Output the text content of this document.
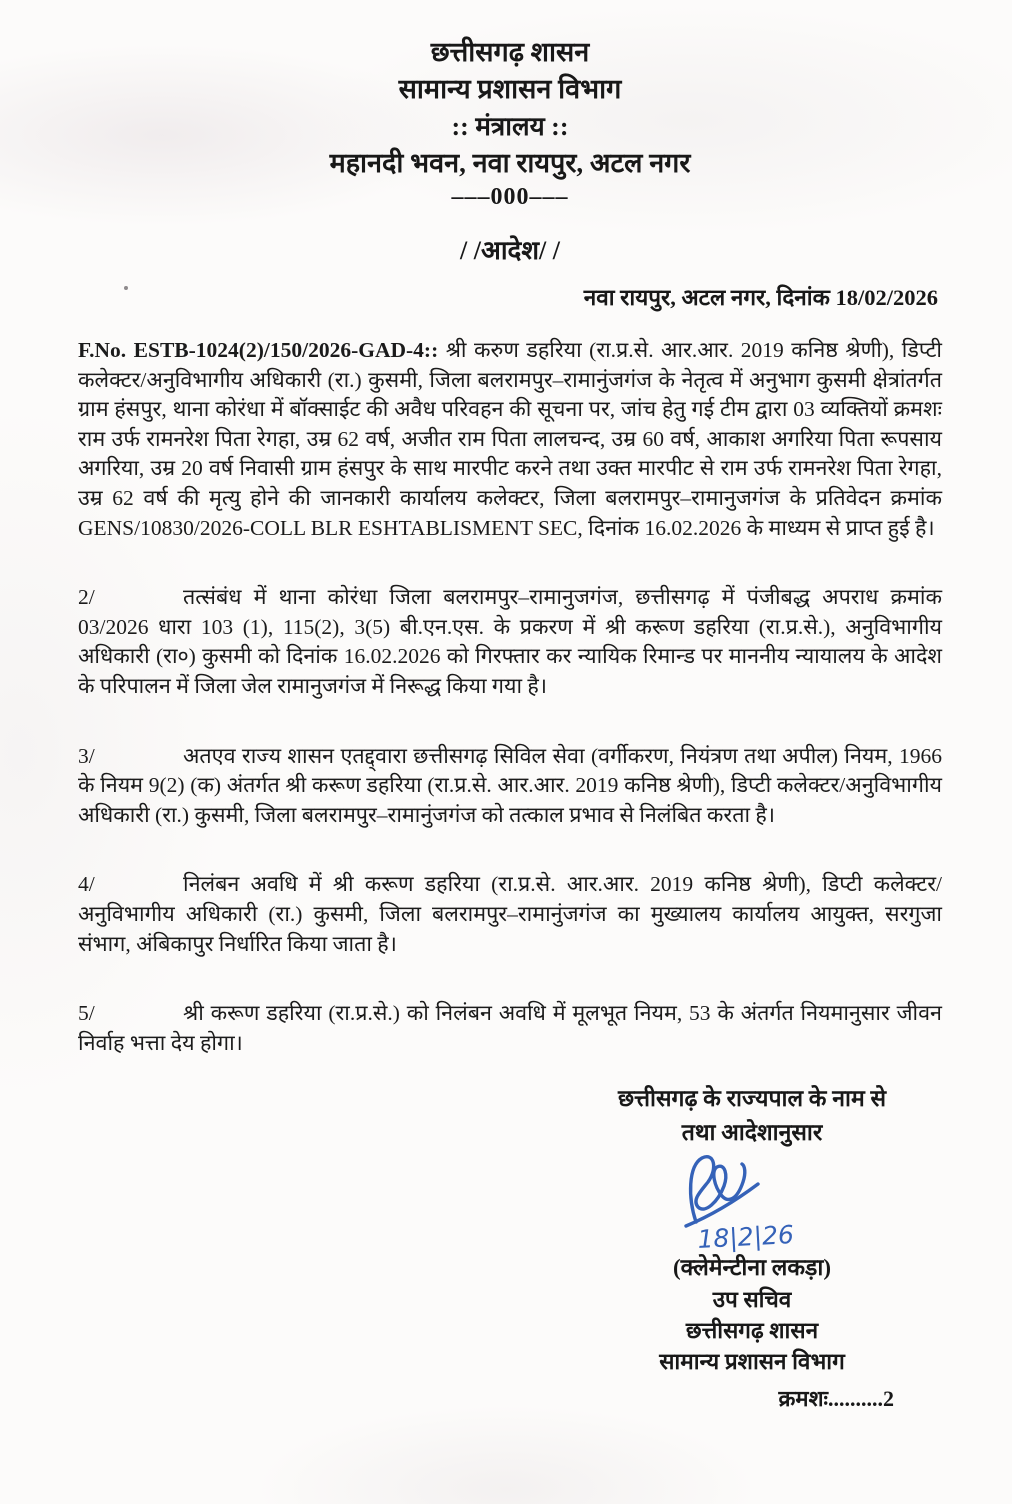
छत्तीसगढ़ शासन
सामान्य प्रशासन विभाग
:: मंत्रालय ::
महानदी भवन, नवा रायपुर, अटल नगर
–––000–––
/ /आदेश/ /
नवा रायपुर, अटल नगर, दिनांक 18/02/2026
F.No. ESTB-1024(2)/150/2026-GAD-4:: श्री करुण डहरिया (रा.प्र.से. आर.आर. 2019 कनिष्ठ श्रेणी), डिप्टी कलेक्टर/अनुविभागीय अधिकारी (रा.) कुसमी, जिला बलरामपुर–रामानुंजगंज के नेतृत्व में अनुभाग कुसमी क्षेत्रांतर्गत ग्राम हंसपुर, थाना कोरंधा में बॉक्साईट की अवैध परिवहन की सूचना पर, जांच हेतु गई टीम द्वारा 03 व्यक्तियों क्रमशः राम उर्फ रामनरेश पिता रेगहा, उम्र 62 वर्ष, अजीत राम पिता लालचन्द, उम्र 60 वर्ष, आकाश अगरिया पिता रूपसाय अगरिया, उम्र 20 वर्ष निवासी ग्राम हंसपुर के साथ मारपीट करने तथा उक्त मारपीट से राम उर्फ रामनरेश पिता रेगहा, उम्र 62 वर्ष की मृत्यु होने की जानकारी कार्यालय कलेक्टर, जिला बलरामपुर–रामानुजगंज के प्रतिवेदन क्रमांक GENS/10830/2026-COLL BLR ESHTABLISMENT SEC, दिनांक 16.02.2026 के माध्यम से प्राप्त हुई है।
2/	तत्संबंध में थाना कोरंधा जिला बलरामपुर–रामानुजगंज, छत्तीसगढ़ में पंजीबद्ध अपराध क्रमांक 03/2026 धारा 103 (1), 115(2), 3(5) बी.एन.एस. के प्रकरण में श्री करूण डहरिया (रा.प्र.से.), अनुविभागीय अधिकारी (रा०) कुसमी को दिनांक 16.02.2026 को गिरफ्तार कर न्यायिक रिमान्ड पर माननीय न्यायालय के आदेश के परिपालन में जिला जेल रामानुजगंज में निरूद्ध किया गया है।
3/	अतएव राज्य शासन एतद्द्वारा छत्तीसगढ़ सिविल सेवा (वर्गीकरण, नियंत्रण तथा अपील) नियम, 1966 के नियम 9(2) (क) अंतर्गत श्री करूण डहरिया (रा.प्र.से. आर.आर. 2019 कनिष्ठ श्रेणी), डिप्टी कलेक्टर/अनुविभागीय अधिकारी (रा.) कुसमी, जिला बलरामपुर–रामानुंजगंज को तत्काल प्रभाव से निलंबित करता है।
4/	निलंबन अवधि में श्री करूण डहरिया (रा.प्र.से. आर.आर. 2019 कनिष्ठ श्रेणी), डिप्टी कलेक्टर/अनुविभागीय अधिकारी (रा.) कुसमी, जिला बलरामपुर–रामानुंजगंज का मुख्यालय कार्यालय आयुक्त, सरगुजा संभाग, अंबिकापुर निर्धारित किया जाता है।
5/	श्री करूण डहरिया (रा.प्र.से.) को निलंबन अवधि में मूलभूत नियम, 53 के अंतर्गत नियमानुसार जीवन निर्वाह भत्ता देय होगा।
छत्तीसगढ़ के राज्यपाल के नाम से
तथा आदेशानुसार
18|2|26
(क्लेमेन्टीना लकड़ा)
उप सचिव
छत्तीसगढ़ शासन
सामान्य प्रशासन विभाग
क्रमशः..........2
